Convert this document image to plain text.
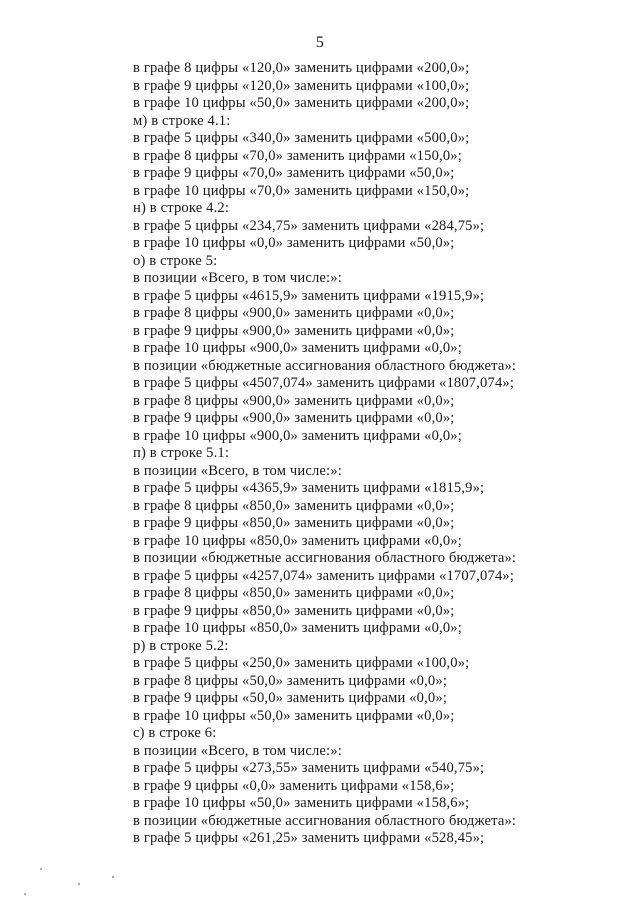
5
в графе 8 цифры «120,0» заменить цифрами «200,0»;
в графе 9 цифры «120,0» заменить цифрами «100,0»;
в графе 10 цифры «50,0» заменить цифрами «200,0»;
м) в строке 4.1:
в графе 5 цифры «340,0» заменить цифрами «500,0»;
в графе 8 цифры «70,0» заменить цифрами «150,0»;
в графе 9 цифры «70,0» заменить цифрами «50,0»;
в графе 10 цифры «70,0» заменить цифрами «150,0»;
н) в строке 4.2:
в графе 5 цифры «234,75» заменить цифрами «284,75»;
в графе 10 цифры «0,0» заменить цифрами «50,0»;
о) в строке 5:
в позиции «Всего, в том числе:»:
в графе 5 цифры «4615,9» заменить цифрами «1915,9»;
в графе 8 цифры «900,0» заменить цифрами «0,0»;
в графе 9 цифры «900,0» заменить цифрами «0,0»;
в графе 10 цифры «900,0» заменить цифрами «0,0»;
в позиции «бюджетные ассигнования областного бюджета»:
в графе 5 цифры «4507,074» заменить цифрами «1807,074»;
в графе 8 цифры «900,0» заменить цифрами «0,0»;
в графе 9 цифры «900,0» заменить цифрами «0,0»;
в графе 10 цифры «900,0» заменить цифрами «0,0»;
п) в строке 5.1:
в позиции «Всего, в том числе:»:
в графе 5 цифры «4365,9» заменить цифрами «1815,9»;
в графе 8 цифры «850,0» заменить цифрами «0,0»;
в графе 9 цифры «850,0» заменить цифрами «0,0»;
в графе 10 цифры «850,0» заменить цифрами «0,0»;
в позиции «бюджетные ассигнования областного бюджета»:
в графе 5 цифры «4257,074» заменить цифрами «1707,074»;
в графе 8 цифры «850,0» заменить цифрами «0,0»;
в графе 9 цифры «850,0» заменить цифрами «0,0»;
в графе 10 цифры «850,0» заменить цифрами «0,0»;
р) в строке 5.2:
в графе 5 цифры «250,0» заменить цифрами «100,0»;
в графе 8 цифры «50,0» заменить цифрами «0,0»;
в графе 9 цифры «50,0» заменить цифрами «0,0»;
в графе 10 цифры «50,0» заменить цифрами «0,0»;
с) в строке 6:
в позиции «Всего, в том числе:»:
в графе 5 цифры «273,55» заменить цифрами «540,75»;
в графе 9 цифры «0,0» заменить цифрами «158,6»;
в графе 10 цифры «50,0» заменить цифрами «158,6»;
в позиции «бюджетные ассигнования областного бюджета»:
в графе 5 цифры «261,25» заменить цифрами «528,45»;
